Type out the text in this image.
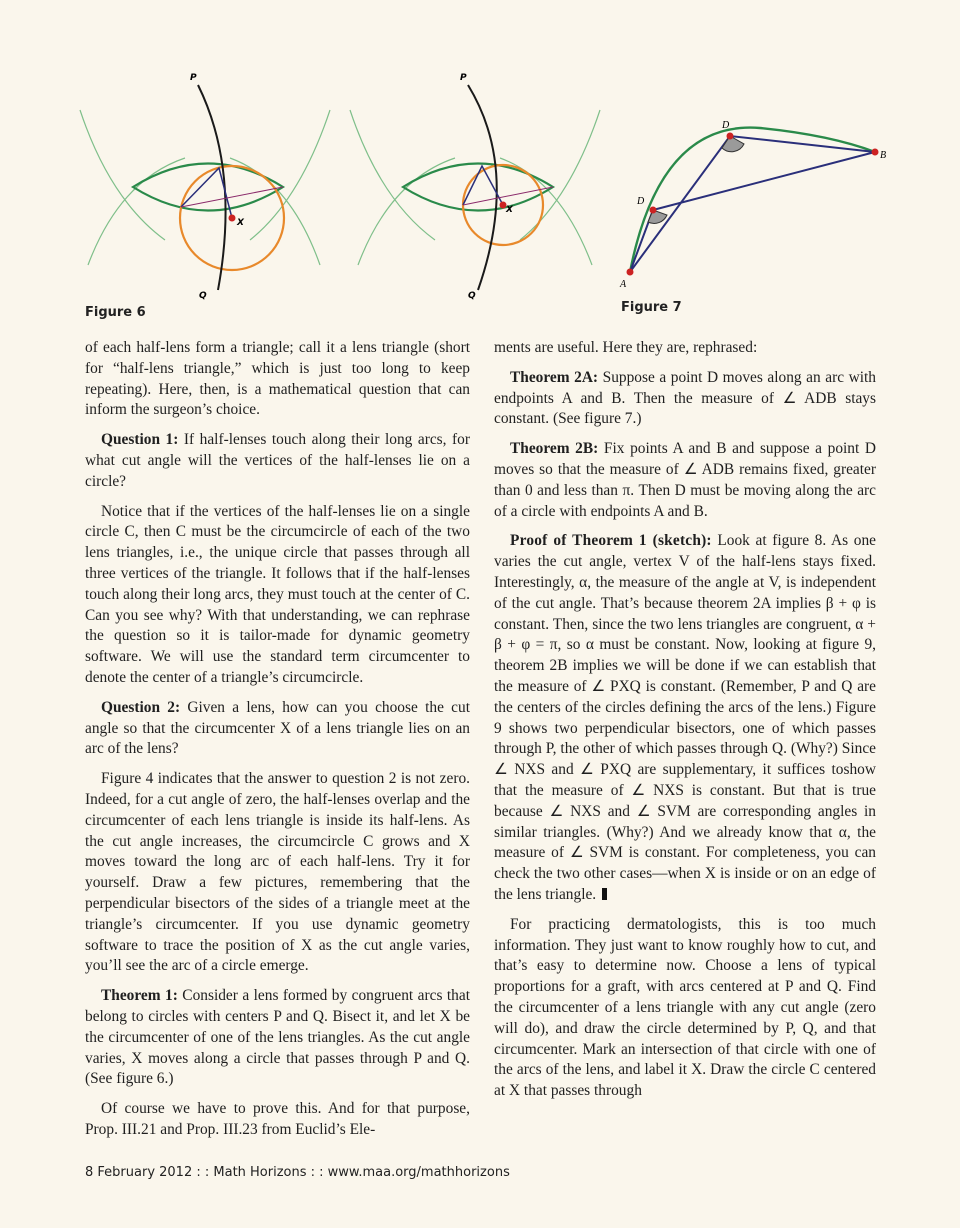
P
Q
X
P
Q
X
A
B
D
D
Figure 6	Figure 7

of each half-lens form a triangle; call it a lens triangle (short for “half-lens triangle,” which is just too long to keep repeating). Here, then, is a mathematical question that can inform the surgeon’s choice.

Question 1: If half-lenses touch along their long arcs, for what cut angle will the vertices of the half-lenses lie on a circle?

Notice that if the vertices of the half-lenses lie on a single circle C, then C must be the circumcircle of each of the two lens triangles, i.e., the unique circle that passes through all three vertices of the triangle. It follows that if the half-lenses touch along their long arcs, they must touch at the center of C. Can you see why? With that understanding, we can rephrase the question so it is tailor-made for dynamic geometry software. We will use the standard term circumcenter to denote the center of a triangle’s circumcircle.

Question 2: Given a lens, how can you choose the cut angle so that the circumcenter X of a lens triangle lies on an arc of the lens?

Figure 4 indicates that the answer to question 2 is not zero. Indeed, for a cut angle of zero, the half-lenses overlap and the circumcenter of each lens triangle is inside its half-lens. As the cut angle increases, the circumcircle C grows and X moves toward the long arc of each half-lens. Try it for yourself. Draw a few pictures, remembering that the perpendicular bisectors of the sides of a triangle meet at the triangle’s circumcenter. If you use dynamic geometry software to trace the position of X as the cut angle varies, you’ll see the arc of a circle emerge.

Theorem 1: Consider a lens formed by congruent arcs that belong to circles with centers P and Q. Bisect it, and let X be the circumcenter of one of the lens triangles. As the cut angle varies, X moves along a circle that passes through P and Q. (See figure 6.)

Of course we have to prove this. And for that purpose, Prop. III.21 and Prop. III.23 from Euclid’s Ele-

ments are useful. Here they are, rephrased:

Theorem 2A: Suppose a point D moves along an arc with endpoints A and B. Then the measure of ∠ ADB stays constant. (See figure 7.)

Theorem 2B: Fix points A and B and suppose a point D moves so that the measure of ∠ ADB remains fixed, greater than 0 and less than π. Then D must be moving along the arc of a circle with endpoints A and B.

Proof of Theorem 1 (sketch): Look at figure 8. As one varies the cut angle, vertex V of the half-lens stays fixed. Interestingly, α, the measure of the angle at V, is independent of the cut angle. That’s because theorem 2A implies β + φ is constant. Then, since the two lens triangles are congruent, α + β + φ = π, so α must be constant. Now, looking at figure 9, theorem 2B implies we will be done if we can establish that the measure of ∠ PXQ is constant. (Remember, P and Q are the centers of the circles defining the arcs of the lens.) Figure 9 shows two perpendicular bisectors, one of which passes through P, the other of which passes through Q. (Why?) Since ∠ NXS and ∠ PXQ are supplementary, it suffices toshow that the measure of ∠ NXS is constant. But that is true because ∠ NXS and ∠ SVM are corresponding angles in similar triangles. (Why?) And we already know that α, the measure of ∠ SVM is constant. For completeness, you can check the two other cases—when X is inside or on an edge of the lens triangle.

For practicing dermatologists, this is too much information. They just want to know roughly how to cut, and that’s easy to determine now. Choose a lens of typical proportions for a graft, with arcs centered at P and Q. Find the circumcenter of a lens triangle with any cut angle (zero will do), and draw the circle determined by P, Q, and that circumcenter. Mark an intersection of that circle with one of the arcs of the lens, and label it X. Draw the circle C centered at X that passes through

8 February 2012 : : Math Horizons : : www.maa.org/mathhorizons
